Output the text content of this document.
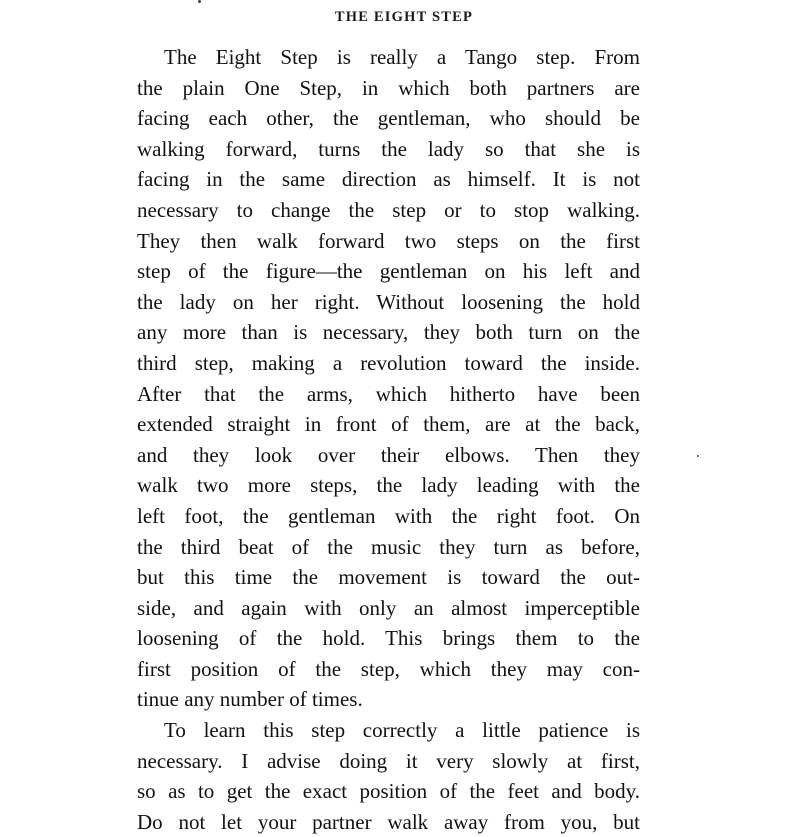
THE EIGHT STEP
The Eight Step is really a Tango step. From
the plain One Step, in which both partners are
facing each other, the gentleman, who should be
walking forward, turns the lady so that she is
facing in the same direction as himself. It is not
necessary to change the step or to stop walking.
They then walk forward two steps on the first
step of the figure—the gentleman on his left and
the lady on her right. Without loosening the hold
any more than is necessary, they both turn on the
third step, making a revolution toward the inside.
After that the arms, which hitherto have been
extended straight in front of them, are at the back,
and they look over their elbows. Then they
walk two more steps, the lady leading with the
left foot, the gentleman with the right foot. On
the third beat of the music they turn as before,
but this time the movement is toward the out-
side, and again with only an almost imperceptible
loosening of the hold. This brings them to the
first position of the step, which they may con-
tinue any number of times.
To learn this step correctly a little patience is
necessary. I advise doing it very slowly at first,
so as to get the exact position of the feet and body.
Do not let your partner walk away from you, but
